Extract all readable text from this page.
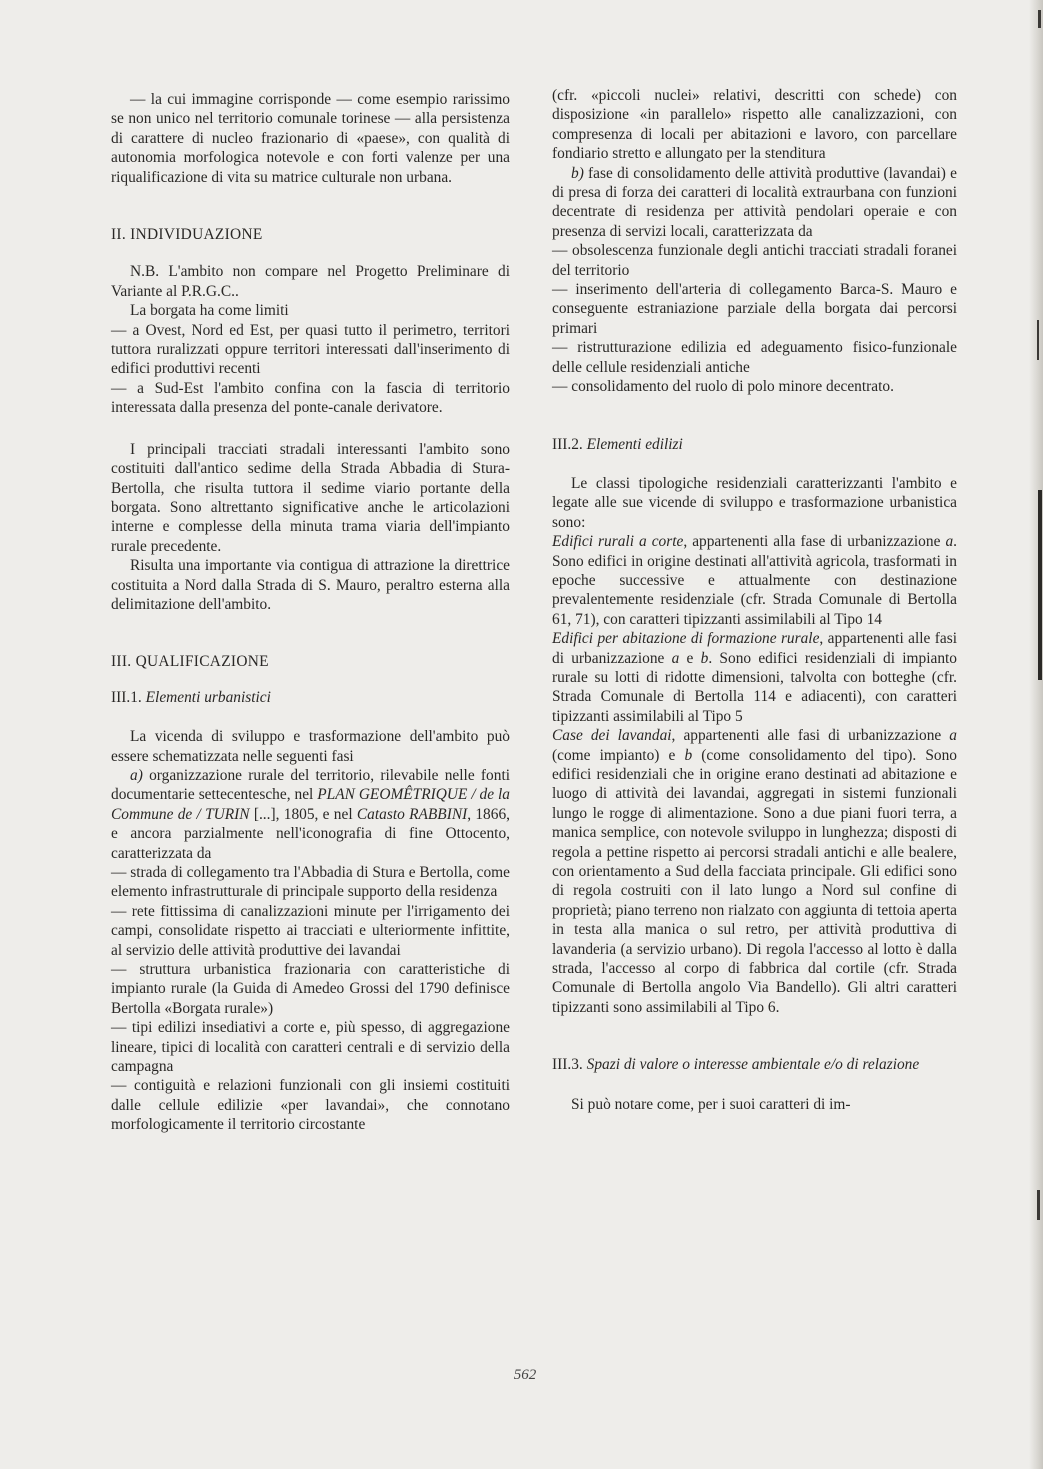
— la cui immagine corrisponde — come esempio rarissimo se non unico nel territorio comunale torinese — alla persistenza di carattere di nucleo frazionario di «paese», con qualità di autonomia morfologica notevole e con forti valenze per una riqualificazione di vita su matrice culturale non urbana.

II. INDIVIDUAZIONE

N.B. L'ambito non compare nel Progetto Preliminare di Variante al P.R.G.C..

La borgata ha come limiti

— a Ovest, Nord ed Est, per quasi tutto il perimetro, territori tuttora ruralizzati oppure territori interessati dall'inserimento di edifici produttivi recenti

— a Sud-Est l'ambito confina con la fascia di territorio interessata dalla presenza del ponte-canale derivatore.

I principali tracciati stradali interessanti l'ambito sono costituiti dall'antico sedime della Strada Abbadia di Stura-Bertolla, che risulta tuttora il sedime viario portante della borgata. Sono altrettanto significative anche le articolazioni interne e complesse della minuta trama viaria dell'impianto rurale precedente.

Risulta una importante via contigua di attrazione la direttrice costituita a Nord dalla Strada di S. Mauro, peraltro esterna alla delimitazione dell'ambito.

III. QUALIFICAZIONE
III.1. Elementi urbanistici

La vicenda di sviluppo e trasformazione dell'ambito può essere schematizzata nelle seguenti fasi

a) organizzazione rurale del territorio, rilevabile nelle fonti documentarie settecentesche, nel PLAN GEOMÊTRIQUE / de la Commune de / TURIN [...], 1805, e nel Catasto RABBINI, 1866, e ancora parzialmente nell'iconografia di fine Ottocento, caratterizzata da

— strada di collegamento tra l'Abbadia di Stura e Bertolla, come elemento infrastrutturale di principale supporto della residenza

— rete fittissima di canalizzazioni minute per l'irrigamento dei campi, consolidate rispetto ai tracciati e ulteriormente infittite, al servizio delle attività produttive dei lavandai

— struttura urbanistica frazionaria con caratteristiche di impianto rurale (la Guida di Amedeo Grossi del 1790 definisce Bertolla «Borgata rurale»)

— tipi edilizi insediativi a corte e, più spesso, di aggregazione lineare, tipici di località con caratteri centrali e di servizio della campagna

— contiguità e relazioni funzionali con gli insiemi costituiti dalle cellule edilizie «per lavandai», che connotano morfologicamente il territorio circostante

(cfr. «piccoli nuclei» relativi, descritti con schede) con disposizione «in parallelo» rispetto alle canalizzazioni, con compresenza di locali per abitazioni e lavoro, con parcellare fondiario stretto e allungato per la stenditura

b) fase di consolidamento delle attività produttive (lavandai) e di presa di forza dei caratteri di località extraurbana con funzioni decentrate di residenza per attività pendolari operaie e con presenza di servizi locali, caratterizzata da

— obsolescenza funzionale degli antichi tracciati stradali foranei del territorio

— inserimento dell'arteria di collegamento Barca-S. Mauro e conseguente estraniazione parziale della borgata dai percorsi primari

— ristrutturazione edilizia ed adeguamento fisico-funzionale delle cellule residenziali antiche

— consolidamento del ruolo di polo minore decentrato.

III.2. Elementi edilizi

Le classi tipologiche residenziali caratterizzanti l'ambito e legate alle sue vicende di sviluppo e trasformazione urbanistica sono:

Edifici rurali a corte, appartenenti alla fase di urbanizzazione a. Sono edifici in origine destinati all'attività agricola, trasformati in epoche successive e attualmente con destinazione prevalentemente residenziale (cfr. Strada Comunale di Bertolla 61, 71), con caratteri tipizzanti assimilabili al Tipo 14

Edifici per abitazione di formazione rurale, appartenenti alle fasi di urbanizzazione a e b. Sono edifici residenziali di impianto rurale su lotti di ridotte dimensioni, talvolta con botteghe (cfr. Strada Comunale di Bertolla 114 e adiacenti), con caratteri tipizzanti assimilabili al Tipo 5

Case dei lavandai, appartenenti alle fasi di urbanizzazione a (come impianto) e b (come consolidamento del tipo). Sono edifici residenziali che in origine erano destinati ad abitazione e luogo di attività dei lavandai, aggregati in sistemi funzionali lungo le rogge di alimentazione. Sono a due piani fuori terra, a manica semplice, con notevole sviluppo in lunghezza; disposti di regola a pettine rispetto ai percorsi stradali antichi e alle bealere, con orientamento a Sud della facciata principale. Gli edifici sono di regola costruiti con il lato lungo a Nord sul confine di proprietà; piano terreno non rialzato con aggiunta di tettoia aperta in testa alla manica o sul retro, per attività produttiva di lavanderia (a servizio urbano). Di regola l'accesso al lotto è dalla strada, l'accesso al corpo di fabbrica dal cortile (cfr. Strada Comunale di Bertolla angolo Via Bandello). Gli altri caratteri tipizzanti sono assimilabili al Tipo 6.

III.3. Spazi di valore o interesse ambientale e/o di relazione

Si può notare come, per i suoi caratteri di im-

562
